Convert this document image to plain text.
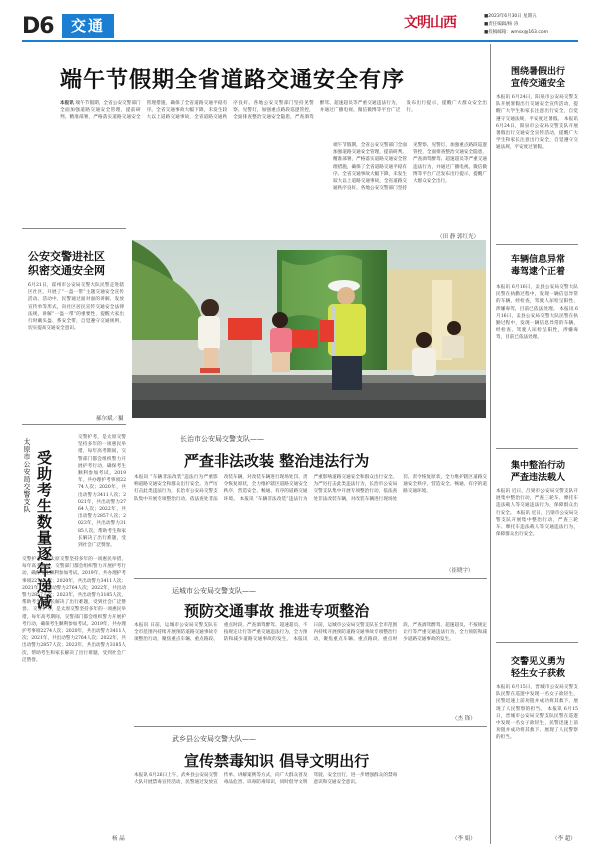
D6	交通	文明山西	■2023年6月30日 星期五
■责任编辑/杨 涛
■投稿邮箱：wmsx@163.com
端午节假期全省道路交通安全有序
本报讯 端午节假期，全省公安交警部门全面加强道路交通安全管理，提前研判、精准部署，严格落实道路交通安全管理措施，确保了全省道路交通平稳有序。全省交通事故大幅下降，未发生较大以上道路交通事故，全省道路交通秩序良好。各地公安交警部门坚持见警察、见警灯，加强重点路段巡逻管控，全面排查整治交通安全隐患，严查酒驾醉驾、超速超员等严重交通违法行为，并通过广播电视、微信微博等平台广泛发布出行提示，提醒广大群众安全出行。
端午节假期，全省公安交警部门全面加强道路交通安全管理，提前研判、精准部署，严格落实道路交通安全管理措施，确保了全省道路交通平稳有序。全省交通事故大幅下降，未发生较大以上道路交通事故，全省道路交通秩序良好。各地公安交警部门坚持见警察、见警灯，加强重点路段巡逻管控，全面排查整治交通安全隐患，严查酒驾醉驾、超速超员等严重交通违法行为，并通过广播电视、微信微博等平台广泛发布出行提示，提醒广大群众安全出行。
（田 静 郭红光）
公安交警进社区
织密交通安全网
6月21日，霍州市公安局交警大队民警走进辖区社区，开展了“一盔一带”主题交通安全宣传活动。活动中，民警通过面对面的讲解、发放宣传单等形式，向社区居民宣传交通安全法律法规，讲解“一盔一带”的重要性，提醒大家出行时戴头盔、系安全带，自觉遵守交通规则，切实提高交通安全意识。
郝尔斌／摄
太原市公安局交警支队 受助考生数量逐年递减
交警护考，是太原交警坚持多年的一项惠民举措，每年高考期间，交警部门都会组织警力开展护考行动，确保考生顺利参加考试。2019年，共办理护考事项2274人次；2020年，共出动警力3411人次；2021年，共出动警力2764人次；2022年，共出动警力2857人次；2023年，共出动警力3185人次，帮助考生和家长解决了出行难题，受到社会广泛赞誉。
交警护考，是太原交警坚持多年的一项惠民举措，每年高考期间，交警部门都会组织警力开展护考行动，确保考生顺利参加考试。2019年，共办理护考事项2274人次；2020年，共出动警力3411人次；2021年，共出动警力2764人次；2022年，共出动警力2857人次；2023年，共出动警力3185人次，帮助考生和家长解决了出行难题，受到社会广泛赞誉。 交警护考，是太原交警坚持多年的一项惠民举措，每年高考期间，交警部门都会组织警力开展护考行动，确保考生顺利参加考试。2019年，共办理护考事项2274人次；2020年，共出动警力3411人次；2021年，共出动警力2764人次；2022年，共出动警力2857人次；2023年，共出动警力3185人次，帮助考生和家长解决了出行难题，受到社会广泛赞誉。
杨 晶
长治市公安局交警支队——
严查非法改装 整治违法行为
本报讯 “车辆非法改装”违法行为严重影响道路交通安全和群众出行安全。为严厉打击此类违法行为，长治市公安局交警支队集中开展专项整治行动，依法查处非法改装车辆，对改装车辆进行现场处罚、责令恢复原状，全力维护辖区道路交通安全秩序，营造安全、畅通、有序的道路交通环境。 本报讯 “车辆非法改装”违法行为严重影响道路交通安全和群众出行安全。为严厉打击此类违法行为，长治市公安局交警支队集中开展专项整治行动，依法查处非法改装车辆，对改装车辆进行现场处罚、责令恢复原状，全力维护辖区道路交通安全秩序，营造安全、畅通、有序的道路交通环境。
（崔晓宇）
运城市公安局交警支队——
预防交通事故 推进专项整治
本报讯 日前，运城市公安局交警支队在全市范围内持续开展预防道路交通事故专项整治行动，聚焦重点车辆、重点路段、重点时段，严查酒驾醉驾、超速超员、不按规定让行等严重交通违法行为，全力预防和减少道路交通事故的发生。 本报讯 日前，运城市公安局交警支队在全市范围内持续开展预防道路交通事故专项整治行动，聚焦重点车辆、重点路段、重点时段，严查酒驾醉驾、超速超员、不按规定让行等严重交通违法行为，全力预防和减少道路交通事故的发生。
（杰 锋）
武乡县公安局交警大队——
宣传禁毒知识 倡导文明出行
本报讯 6月26日上午，武乡县公安局交警大队开展禁毒宣传活动，民警通过发放宣传单、讲解案例等方式，向广大群众普及毒品危害、识毒防毒知识，同时倡导文明驾驶、安全出行，进一步增强群众的禁毒意识和交通安全意识。
（李 娟）
围绕暑假出行
宣传交通安全
本报讯 6月24日，阳泉市公安局交警支队开展暑假出行交通安全宣传活动，提醒广大学生和家长注意出行安全，自觉遵守交通法规，平安度过暑假。 本报讯 6月24日，阳泉市公安局交警支队开展暑假出行交通安全宣传活动，提醒广大学生和家长注意出行安全，自觉遵守交通法规，平安度过暑假。
车辆信息异常
毒驾逮个正着
本报讯 6月16日，盂县公安局交警大队民警在执勤过程中，发现一辆信息异常的车辆，经检查，驾驶人尿检呈阳性，涉嫌毒驾，目前已依法处理。 本报讯 6月16日，盂县公安局交警大队民警在执勤过程中，发现一辆信息异常的车辆，经检查，驾驶人尿检呈阳性，涉嫌毒驾，目前已依法处理。
集中整治行动
严查违法载人
本报讯 近日，吕梁市公安局交警支队开展集中整治行动，严查三轮车、摩托车违法载人等交通违法行为，保障群众出行安全。 本报讯 近日，吕梁市公安局交警支队开展集中整治行动，严查三轮车、摩托车违法载人等交通违法行为，保障群众出行安全。
交警见义勇为
轻生女子获救
本报讯 6月15日，晋城市公安局交警支队民警在巡逻中发现一名女子欲轻生，民警迅速上前劝阻并成功将其救下，展现了人民警察的担当。 本报讯 6月15日，晋城市公安局交警支队民警在巡逻中发现一名女子欲轻生，民警迅速上前劝阻并成功将其救下，展现了人民警察的担当。
（李 超）
